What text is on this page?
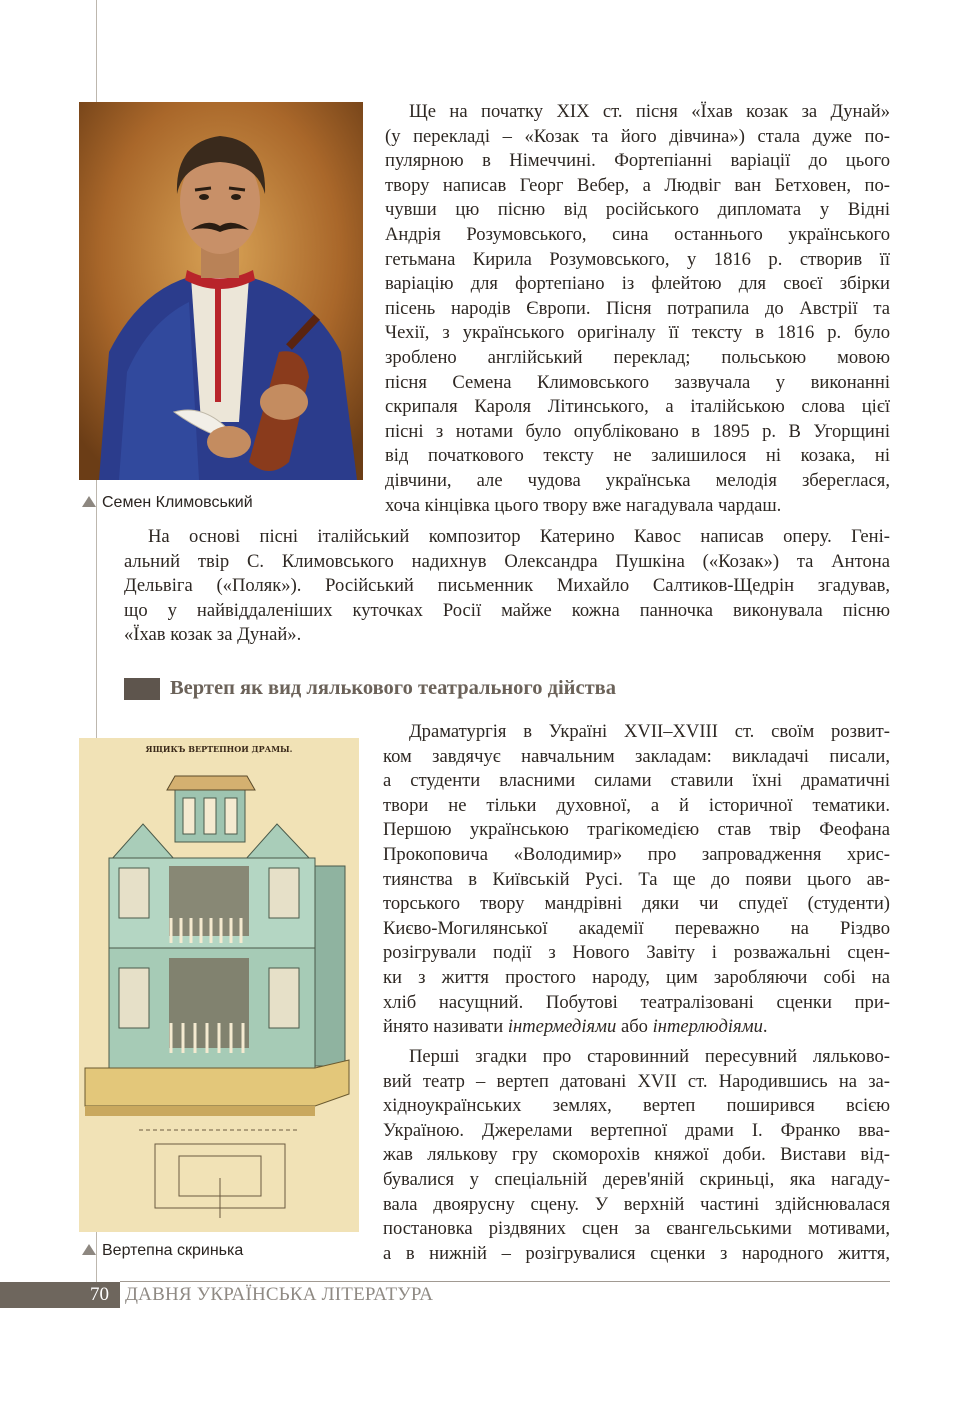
Семен Климовський
Ще на початку XIX ст. пісня «Їхав козак за Дунай»
(у перекладі – «Козак та його дівчина») стала дуже по-
пулярною в Німеччині. Фортепіанні варіації до цього
твору написав Георг Вебер, а Людвіг ван Бетховен, по-
чувши цю пісню від російського дипломата у Відні
Андрія Розумовського, сина останнього українського
гетьмана Кирила Розумовського, у 1816 р. створив її
варіацію для фортепіано із флейтою для своєї збірки
пісень народів Європи. Пісня потрапила до Австрії та
Чехії, з українського оригіналу її тексту в 1816 р. було
зроблено англійський переклад; польською мовою
пісня Семена Климовського зазвучала у виконанні
скрипаля Кароля Літинського, а італійською слова цієї
пісні з нотами було опубліковано в 1895 р. В Угорщині
від початкового тексту не залишилося ні козака, ні
дівчини, але чудова українська мелодія збереглася,
хоча кінцівка цього твору вже нагадувала чардаш.
На основі пісні італійський композитор Катерино Кавос написав оперу. Гені-
альний твір С. Климовського надихнув Олександра Пушкіна («Козак») та Антона
Дельвіга («Поляк»). Російський письменник Михайло Салтиков-Щедрін згадував,
що у найвіддаленіших куточках Росії майже кожна панночка виконувала пісню
«Їхав козак за Дунай».
Вертеп як вид лялькового театрального дійства
ЯЩИКЪ ВЕРТЕПНОИ ДРАМЫ.
Вертепна скринька
Драматургія в Україні XVII–XVIII ст. своїм розвит-
ком завдячує навчальним закладам: викладачі писали,
а студенти власними силами ставили їхні драматичні
твори не тільки духовної, а й історичної тематики.
Першою українською трагікомедією став твір Феофана
Прокоповича «Володимир» про запровадження хрис-
тиянства в Київській Русі. Та ще до появи цього ав-
торського твору мандрівні дяки чи спудеї (студенти)
Києво-Могилянської академії переважно на Різдво
розігрували події з Нового Завіту і розважальні сцен-
ки з життя простого народу, цим заробляючи собі на
хліб насущний. Побутові театралізовані сценки при-
йнято називати інтермедіями або інтерлюдіями.
Перші згадки про старовинний пересувний ляльково-
вий театр – вертеп датовані XVII ст. Народившись на за-
хідноукраїнських землях, вертеп поширився всією
Україною. Джерелами вертепної драми І. Франко вва-
жав лялькову гру скоморохів княжої доби. Вистави від-
бувалися у спеціальній дерев'яній скриньці, яка нагаду-
вала двоярусну сцену. У верхній частині здійснювалася
постановка різдвяних сцен за євангельськими мотивами,
а в нижній – розігрувалися сценки з народного життя,
70 ДАВНЯ УКРАЇНСЬКА ЛІТЕРАТУРА
